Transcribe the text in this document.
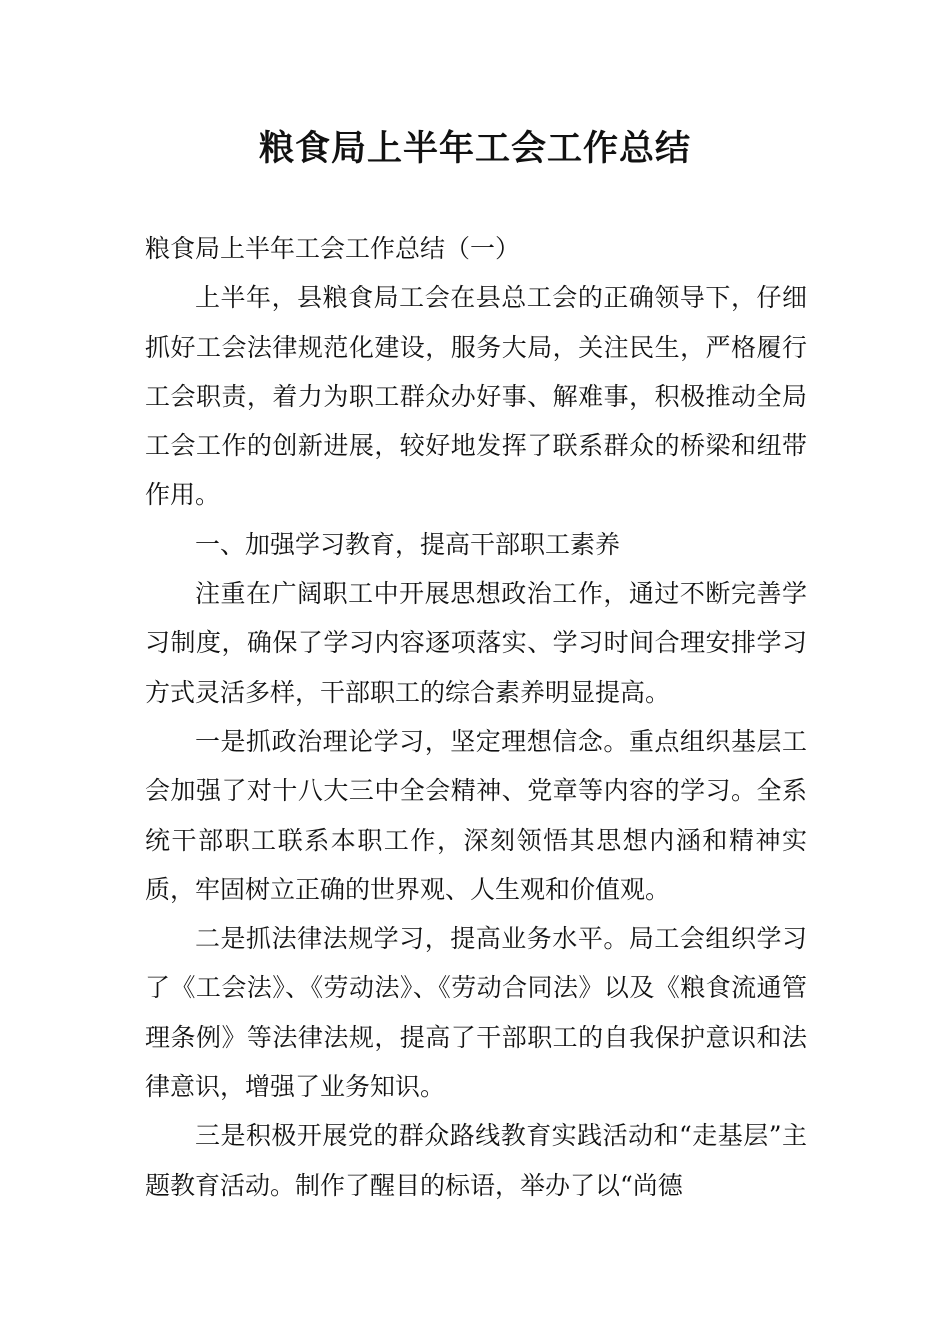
粮食局上半年工会工作总结

粮食局上半年工会工作总结（一）

上半年，县粮食局工会在县总工会的正确领导下，仔细抓好工会法律规范化建设，服务大局，关注民生，严格履行工会职责，着力为职工群众办好事、解难事，积极推动全局工会工作的创新进展，较好地发挥了联系群众的桥梁和纽带作用。

一、加强学习教育，提高干部职工素养

注重在广阔职工中开展思想政治工作，通过不断完善学习制度，确保了学习内容逐项落实、学习时间合理安排学习方式灵活多样，干部职工的综合素养明显提高。

一是抓政治理论学习，坚定理想信念。重点组织基层工会加强了对十八大三中全会精神、党章等内容的学习。全系统干部职工联系本职工作，深刻领悟其思想内涵和精神实质，牢固树立正确的世界观、人生观和价值观。

二是抓法律法规学习，提高业务水平。局工会组织学习了《工会法》、《劳动法》、《劳动合同法》以及《粮食流通管理条例》等法律法规，提高了干部职工的自我保护意识和法律意识，增强了业务知识。

三是积极开展党的群众路线教育实践活动和“走基层”主题教育活动。制作了醒目的标语，举办了以“尚德
